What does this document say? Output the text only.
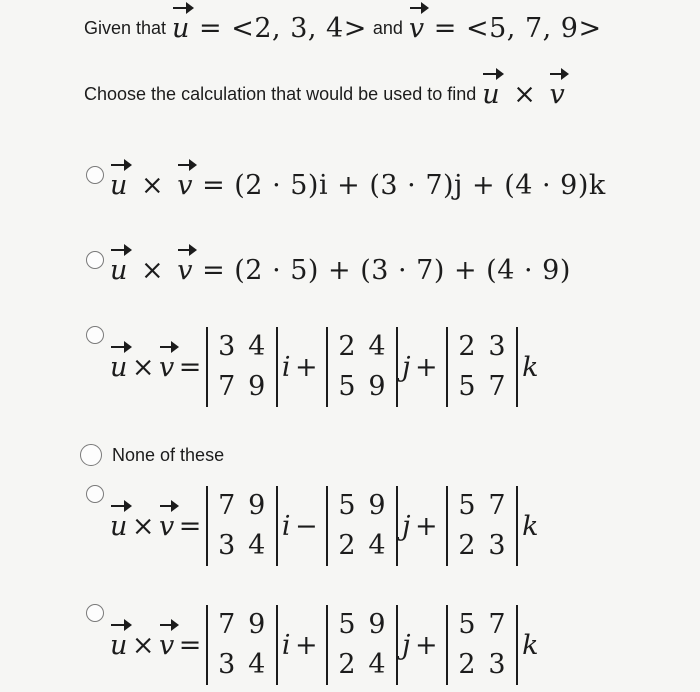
Given that u = <2, 3, 4> and v = <5, 7, 9>
Choose the calculation that would be used to find u × v
u × v = (2 · 5)i + (3 · 7)j + (4 · 9)k
u × v = (2 · 5) + (3 · 7) + (4 · 9)
u × v =
3 4
7 9
i +
2 4
5 9
j +
2 3
5 7
k
None of these
u × v =
7 9
3 4
i −
5 9
2 4
j +
5 7
2 3
k
u × v =
7 9
3 4
i +
5 9
2 4
j +
5 7
2 3
k
